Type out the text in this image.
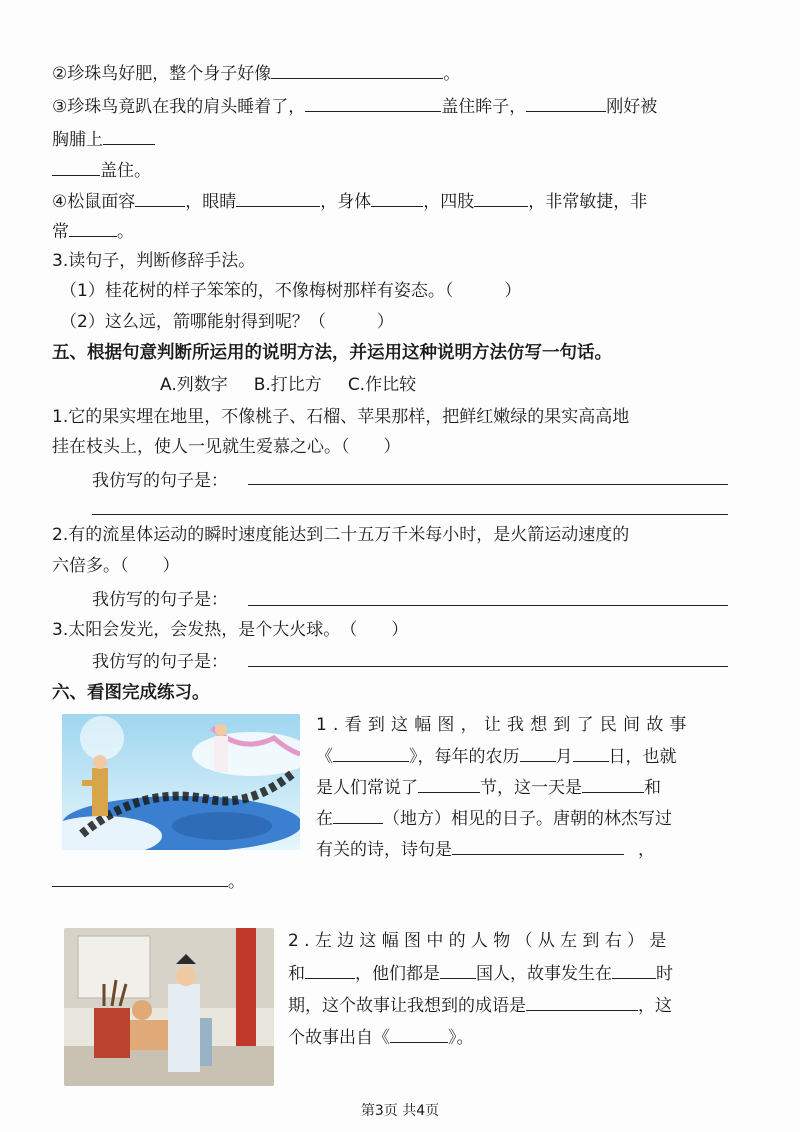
②珍珠鸟好肥，整个身子好像	。
③珍珠鸟竟趴在我的肩头睡着了，	盖住眸子，	刚好被
胸脯上
盖住。
④松鼠面容	，眼睛	，身体	，四肢	，非常敏捷，非
常	。
3.读句子，判断修辞手法。
（1）桂花树的样子笨笨的，不像梅树那样有姿态。（　　　）
（2）这么远，箭哪能射得到呢？（　　　）
五、根据句意判断所运用的说明方法，并运用这种说明方法仿写一句话。
A.列数字 B.打比方 C.作比较
1.它的果实埋在地里，不像桃子、石榴、苹果那样，把鲜红嫩绿的果实高高地
挂在枝头上，使人一见就生爱慕之心。（　　）
我仿写的句子是：
2.有的流星体运动的瞬时速度能达到二十五万千米每小时，是火箭运动速度的
六倍多。（　　）
我仿写的句子是：
3.太阳会发光，会发热，是个大火球。　（　　）
我仿写的句子是：
六、看图完成练习。
1.看到这幅图，让我想到了民间故事
《	》，每年的农历 月 日，也就
是人们常说了	节，这一天是	和
在	（地方）相见的日子。唐朝的林杰写过
有关的诗，诗句是	，
。
2.左边这幅图中的人物（从左到右）是
和	，他们都是 国人，故事发生在	时
期，这个故事让我想到的成语是	，这
个故事出自《	》。
第3页 共4页
